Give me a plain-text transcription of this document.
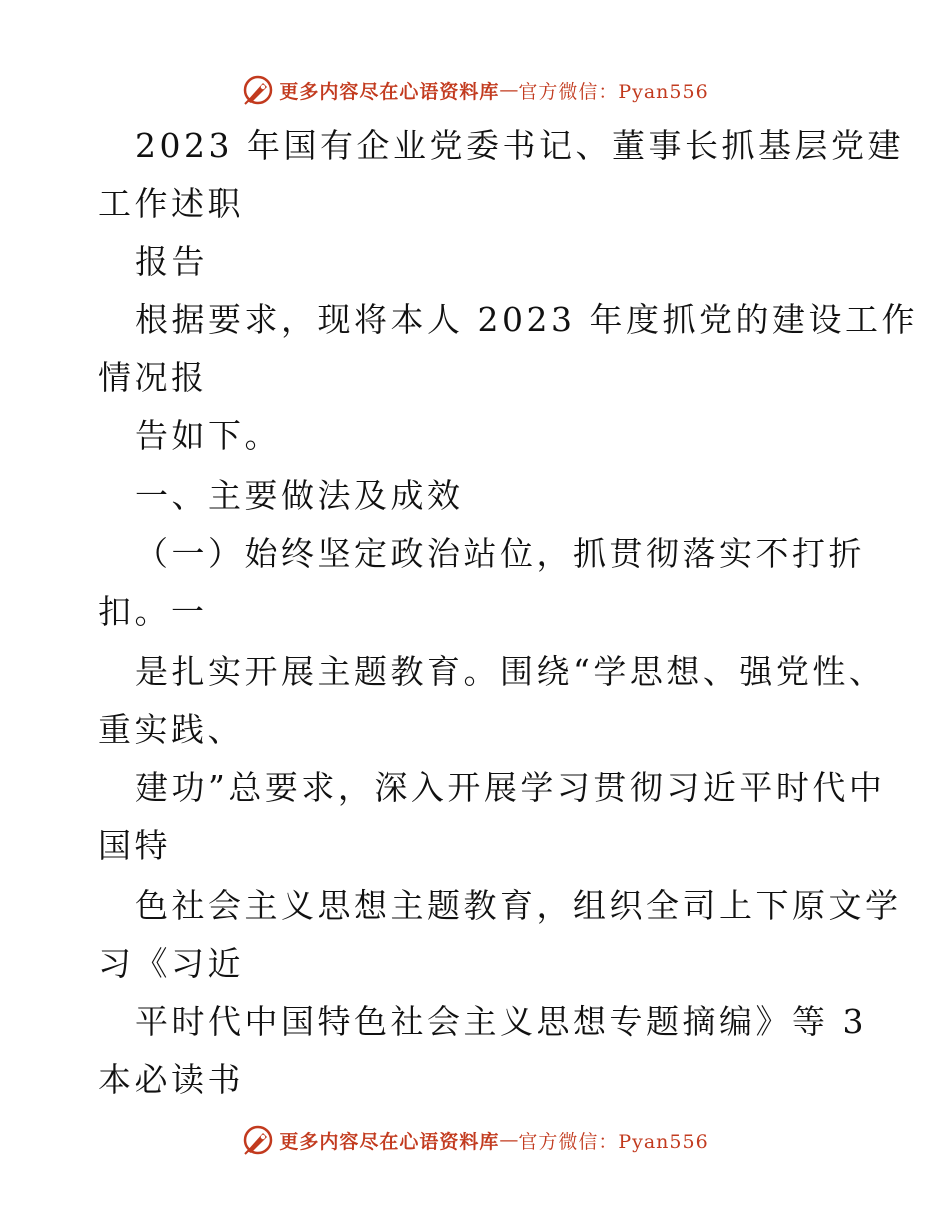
更多内容尽在心语资料库 — 官方微信：Pyan556
2023 年国有企业党委书记、董事长抓基层党建
工作述职
报告
根据要求，现将本人 2023 年度抓党的建设工作
情况报
告如下。
一、主要做法及成效
（一）始终坚定政治站位，抓贯彻落实不打折
扣。一
是扎实开展主题教育。围绕“学思想、强党性、
重实践、
建功”总要求，深入开展学习贯彻习近平时代中
国特
色社会主义思想主题教育，组织全司上下原文学
习《习近
平时代中国特色社会主义思想专题摘编》等 3
本必读书
更多内容尽在心语资料库 — 官方微信：Pyan556
